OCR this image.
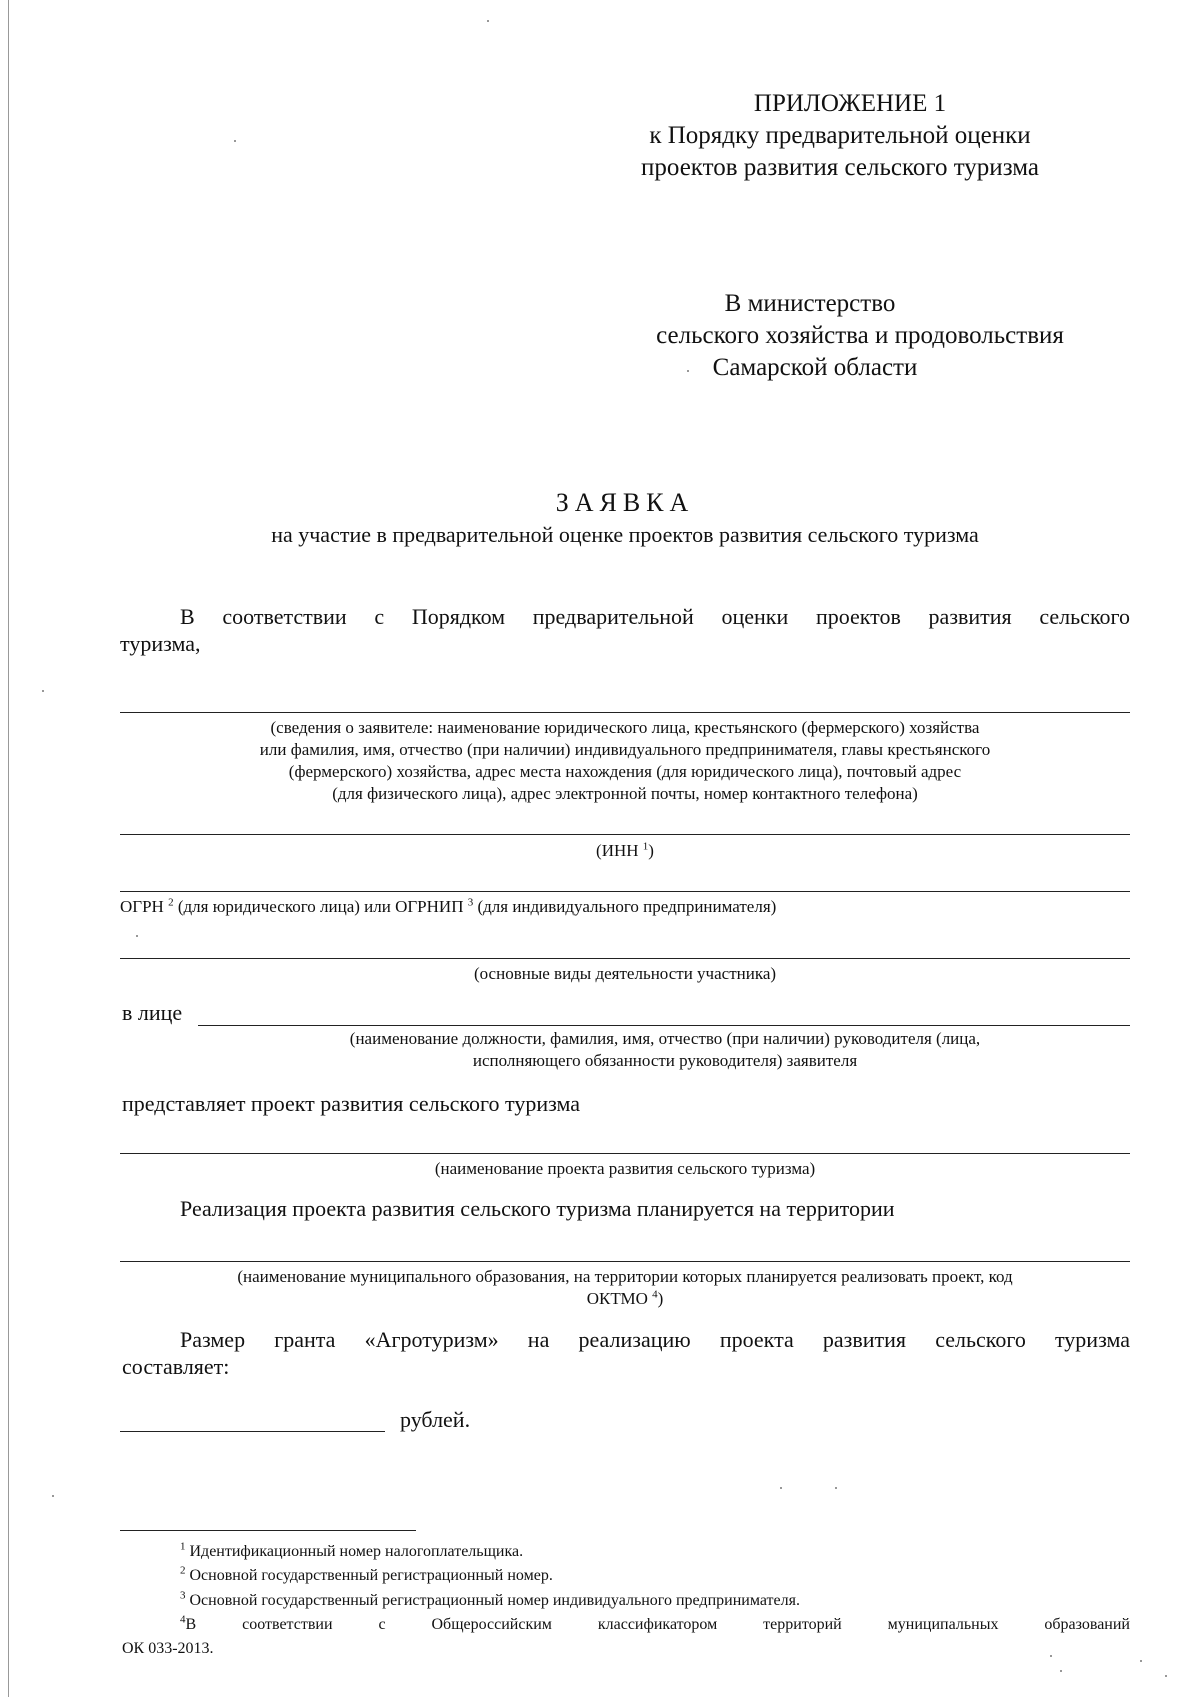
ПРИЛОЖЕНИЕ 1
к Порядку предварительной оценки
проектов развития сельского туризма
В министерство
сельского хозяйства и продовольствия
Самарской области
ЗАЯВКА
на участие в предварительной оценке проектов развития сельского туризма
В соответствии с Порядком предварительной оценки проектов развития сельского
туризма,
(сведения о заявителе: наименование юридического лица, крестьянского (фермерского) хозяйства
или фамилия, имя, отчество (при наличии) индивидуального предпринимателя, главы крестьянского
(фермерского) хозяйства, адрес места нахождения (для юридического лица), почтовый адрес
(для физического лица), адрес электронной почты, номер контактного телефона)
(ИНН $^1$)
ОГРН $^2$ (для юридического лица) или ОГРНИП $^3$ (для индивидуального предпринимателя)
(основные виды деятельности участника)
в лице
(наименование должности, фамилия, имя, отчество (при наличии) руководителя (лица,
исполняющего обязанности руководителя) заявителя
представляет проект развития сельского туризма
(наименование проекта развития сельского туризма)
Реализация проекта развития сельского туризма планируется на территории
(наименование муниципального образования, на территории которых планируется реализовать проект, код
ОКТМО $^4$)
Размер гранта «Агротуризм» на реализацию проекта развития сельского туризма
составляет:
рублей.
$^1$ Идентификационный номер налогоплательщика.
$^2$ Основной государственный регистрационный номер.
$^3$ Основной государственный регистрационный номер индивидуального предпринимателя.
$^4$В соответствии с Общероссийским классификатором территорий муниципальных образований
ОК 033-2013.
